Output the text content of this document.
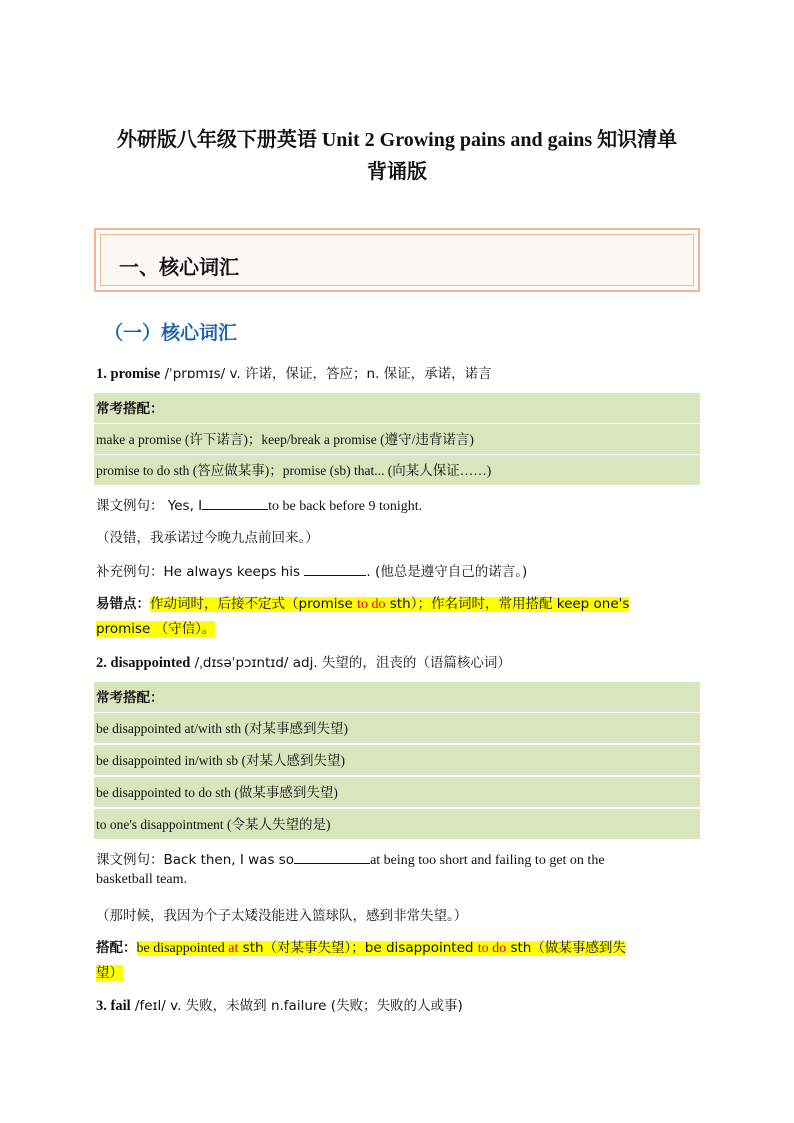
外研版八年级下册英语 Unit 2 Growing pains and gains 知识清单
背诵版
一、核心词汇
（一）核心词汇
1. promise /ˈprɒmɪs/ v. 许诺，保证，答应；n. 保证，承诺，诺言
常考搭配：
make a promise (许下诺言)；keep/break a promise (遵守/违背诺言)
promise to do sth (答应做某事)；promise (sb) that... (向某人保证……)
课文例句： Yes, I	to be back before 9 tonight.
（没错，我承诺过今晚九点前回来。）
补充例句：He always keeps his	. (他总是遵守自己的诺言。)
易错点：作动词时，后接不定式（promise to do sth）；作名词时，常用搭配 keep one's
promise （守信）。
2. disappointed /ˌdɪsəˈpɔɪntɪd/ adj. 失望的，沮丧的（语篇核心词）
常考搭配：
be disappointed at/with sth (对某事感到失望)
be disappointed in/with sb (对某人感到失望)
be disappointed to do sth (做某事感到失望)
to one's disappointment (令某人失望的是)
课文例句：Back then, I was so	at being too short and failing to get on the
basketball team.
（那时候，我因为个子太矮没能进入篮球队，感到非常失望。）
搭配：be disappointed at sth（对某事失望）；be disappointed to do sth（做某事感到失
望）
3. fail /feɪl/ v. 失败，未做到 n.failure (失败；失败的人或事)
